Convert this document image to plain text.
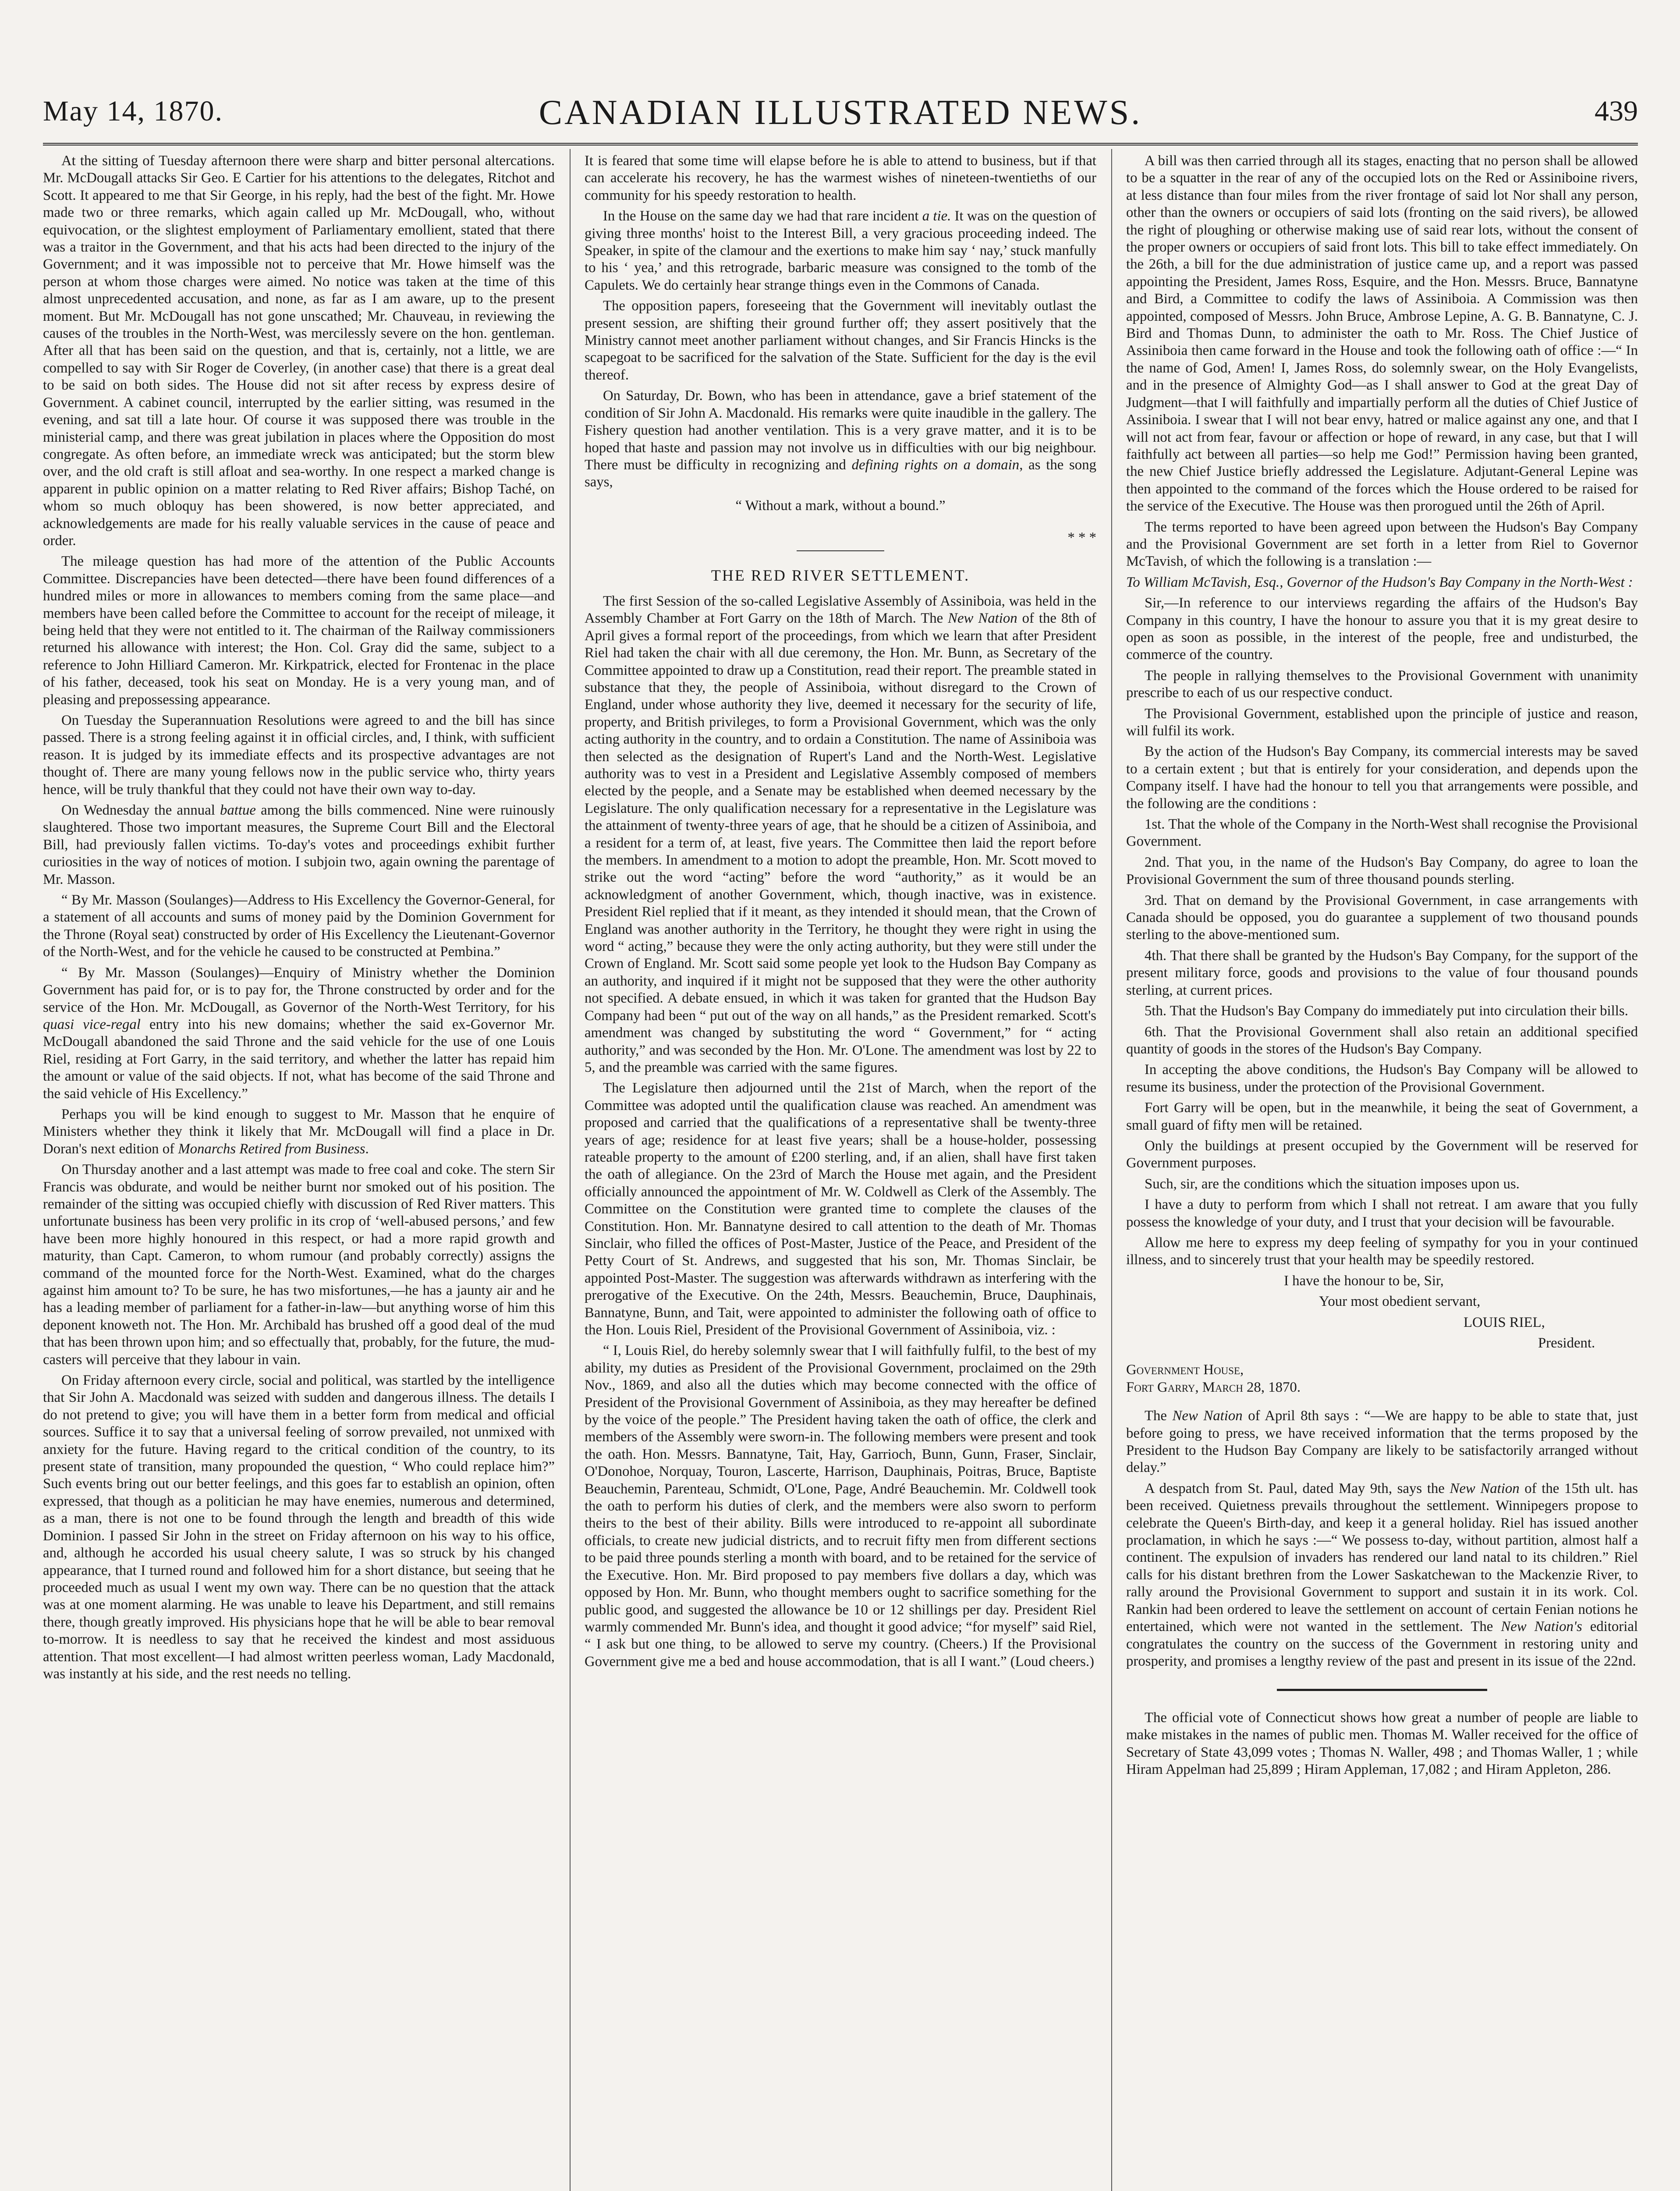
May 14, 1870.	CANADIAN ILLUSTRATED NEWS.	439

At the sitting of Tuesday afternoon there were sharp and bitter personal altercations. Mr. McDougall attacks Sir Geo. E Cartier for his attentions to the delegates, Ritchot and Scott. It appeared to me that Sir George, in his reply, had the best of the fight. Mr. Howe made two or three remarks, which again called up Mr. McDougall, who, without equivocation, or the slightest employment of Parliamentary emollient, stated that there was a traitor in the Government, and that his acts had been directed to the injury of the Government; and it was impossible not to perceive that Mr. Howe himself was the person at whom those charges were aimed. No notice was taken at the time of this almost unprecedented accusation, and none, as far as I am aware, up to the present moment. But Mr. McDougall has not gone unscathed; Mr. Chauveau, in reviewing the causes of the troubles in the North-West, was mercilessly severe on the hon. gentleman. After all that has been said on the question, and that is, certainly, not a little, we are compelled to say with Sir Roger de Coverley, (in another case) that there is a great deal to be said on both sides. The House did not sit after recess by express desire of Government. A cabinet council, interrupted by the earlier sitting, was resumed in the evening, and sat till a late hour. Of course it was supposed there was trouble in the ministerial camp, and there was great jubilation in places where the Opposition do most congregate. As often before, an immediate wreck was anticipated; but the storm blew over, and the old craft is still afloat and sea-worthy. In one respect a marked change is apparent in public opinion on a matter relating to Red River affairs; Bishop Taché, on whom so much obloquy has been showered, is now better appreciated, and acknowledgements are made for his really valuable services in the cause of peace and order.

The mileage question has had more of the attention of the Public Accounts Committee. Discrepancies have been detected—there have been found differences of a hundred miles or more in allowances to members coming from the same place—and members have been called before the Committee to account for the receipt of mileage, it being held that they were not entitled to it. The chairman of the Railway commissioners returned his allowance with interest; the Hon. Col. Gray did the same, subject to a reference to John Hilliard Cameron. Mr. Kirkpatrick, elected for Frontenac in the place of his father, deceased, took his seat on Monday. He is a very young man, and of pleasing and prepossessing appearance.

On Tuesday the Superannuation Resolutions were agreed to and the bill has since passed. There is a strong feeling against it in official circles, and, I think, with sufficient reason. It is judged by its immediate effects and its prospective advantages are not thought of. There are many young fellows now in the public service who, thirty years hence, will be truly thankful that they could not have their own way to-day.

On Wednesday the annual battue among the bills commenced. Nine were ruinously slaughtered. Those two important measures, the Supreme Court Bill and the Electoral Bill, had previously fallen victims. To-day's votes and proceedings exhibit further curiosities in the way of notices of motion. I subjoin two, again owning the parentage of Mr. Masson.

“ By Mr. Masson (Soulanges)—Address to His Excellency the Governor-General, for a statement of all accounts and sums of money paid by the Dominion Government for the Throne (Royal seat) constructed by order of His Excellency the Lieutenant-Governor of the North-West, and for the vehicle he caused to be constructed at Pembina.”

“ By Mr. Masson (Soulanges)—Enquiry of Ministry whether the Dominion Government has paid for, or is to pay for, the Throne constructed by order and for the service of the Hon. Mr. McDougall, as Governor of the North-West Territory, for his quasi vice-regal entry into his new domains; whether the said ex-Governor Mr. McDougall abandoned the said Throne and the said vehicle for the use of one Louis Riel, residing at Fort Garry, in the said territory, and whether the latter has repaid him the amount or value of the said objects. If not, what has become of the said Throne and the said vehicle of His Excellency.”

Perhaps you will be kind enough to suggest to Mr. Masson that he enquire of Ministers whether they think it likely that Mr. McDougall will find a place in Dr. Doran's next edition of Monarchs Retired from Business.

On Thursday another and a last attempt was made to free coal and coke. The stern Sir Francis was obdurate, and would be neither burnt nor smoked out of his position. The remainder of the sitting was occupied chiefly with discussion of Red River matters. This unfortunate business has been very prolific in its crop of ‘well-abused persons,’ and few have been more highly honoured in this respect, or had a more rapid growth and maturity, than Capt. Cameron, to whom rumour (and probably correctly) assigns the command of the mounted force for the North-West. Examined, what do the charges against him amount to? To be sure, he has two misfortunes,—he has a jaunty air and he has a leading member of parliament for a father-in-law—but anything worse of him this deponent knoweth not. The Hon. Mr. Archibald has brushed off a good deal of the mud that has been thrown upon him; and so effectually that, probably, for the future, the mud-casters will perceive that they labour in vain.

On Friday afternoon every circle, social and political, was startled by the intelligence that Sir John A. Macdonald was seized with sudden and dangerous illness. The details I do not pretend to give; you will have them in a better form from medical and official sources. Suffice it to say that a universal feeling of sorrow prevailed, not unmixed with anxiety for the future. Having regard to the critical condition of the country, to its present state of transition, many propounded the question, “ Who could replace him?” Such events bring out our better feelings, and this goes far to establish an opinion, often expressed, that though as a politician he may have enemies, numerous and determined, as a man, there is not one to be found through the length and breadth of this wide Dominion. I passed Sir John in the street on Friday afternoon on his way to his office, and, although he accorded his usual cheery salute, I was so struck by his changed appearance, that I turned round and followed him for a short distance, but seeing that he proceeded much as usual I went my own way. There can be no question that the attack was at one moment alarming. He was unable to leave his Department, and still remains there, though greatly improved. His physicians hope that he will be able to bear removal to-morrow. It is needless to say that he received the kindest and most assiduous attention. That most excellent—I had almost written peerless woman, Lady Macdonald, was instantly at his side, and the rest needs no telling.

It is feared that some time will elapse before he is able to attend to business, but if that can accelerate his recovery, he has the warmest wishes of nineteen-twentieths of our community for his speedy restoration to health.

In the House on the same day we had that rare incident a tie. It was on the question of giving three months' hoist to the Interest Bill, a very gracious proceeding indeed. The Speaker, in spite of the clamour and the exertions to make him say ‘ nay,’ stuck manfully to his ‘ yea,’ and this retrograde, barbaric measure was consigned to the tomb of the Capulets. We do certainly hear strange things even in the Commons of Canada.

The opposition papers, foreseeing that the Government will inevitably outlast the present session, are shifting their ground further off; they assert positively that the Ministry cannot meet another parliament without changes, and Sir Francis Hincks is the scapegoat to be sacrificed for the salvation of the State. Sufficient for the day is the evil thereof.

On Saturday, Dr. Bown, who has been in attendance, gave a brief statement of the condition of Sir John A. Macdonald. His remarks were quite inaudible in the gallery. The Fishery question had another ventilation. This is a very grave matter, and it is to be hoped that haste and passion may not involve us in difficulties with our big neighbour. There must be difficulty in recognizing and defining rights on a domain, as the song says,

“ Without a mark, without a bound.”

* * *

THE RED RIVER SETTLEMENT.

The first Session of the so-called Legislative Assembly of Assiniboia, was held in the Assembly Chamber at Fort Garry on the 18th of March. The New Nation of the 8th of April gives a formal report of the proceedings, from which we learn that after President Riel had taken the chair with all due ceremony, the Hon. Mr. Bunn, as Secretary of the Committee appointed to draw up a Constitution, read their report. The preamble stated in substance that they, the people of Assiniboia, without disregard to the Crown of England, under whose authority they live, deemed it necessary for the security of life, property, and British privileges, to form a Provisional Government, which was the only acting authority in the country, and to ordain a Constitution. The name of Assiniboia was then selected as the designation of Rupert's Land and the North-West. Legislative authority was to vest in a President and Legislative Assembly composed of members elected by the people, and a Senate may be established when deemed necessary by the Legislature. The only qualification necessary for a representative in the Legislature was the attainment of twenty-three years of age, that he should be a citizen of Assiniboia, and a resident for a term of, at least, five years. The Committee then laid the report before the members. In amendment to a motion to adopt the preamble, Hon. Mr. Scott moved to strike out the word “acting” before the word “authority,” as it would be an acknowledgment of another Government, which, though inactive, was in existence. President Riel replied that if it meant, as they intended it should mean, that the Crown of England was another authority in the Territory, he thought they were right in using the word “ acting,” because they were the only acting authority, but they were still under the Crown of England. Mr. Scott said some people yet look to the Hudson Bay Company as an authority, and inquired if it might not be supposed that they were the other authority not specified. A debate ensued, in which it was taken for granted that the Hudson Bay Company had been “ put out of the way on all hands,” as the President remarked. Scott's amendment was changed by substituting the word “ Government,” for “ acting authority,” and was seconded by the Hon. Mr. O'Lone. The amendment was lost by 22 to 5, and the preamble was carried with the same figures.

The Legislature then adjourned until the 21st of March, when the report of the Committee was adopted until the qualification clause was reached. An amendment was proposed and carried that the qualifications of a representative shall be twenty-three years of age; residence for at least five years; shall be a house-holder, possessing rateable property to the amount of £200 sterling, and, if an alien, shall have first taken the oath of allegiance. On the 23rd of March the House met again, and the President officially announced the appointment of Mr. W. Coldwell as Clerk of the Assembly. The Committee on the Constitution were granted time to complete the clauses of the Constitution. Hon. Mr. Bannatyne desired to call attention to the death of Mr. Thomas Sinclair, who filled the offices of Post-Master, Justice of the Peace, and President of the Petty Court of St. Andrews, and suggested that his son, Mr. Thomas Sinclair, be appointed Post-Master. The suggestion was afterwards withdrawn as interfering with the prerogative of the Executive. On the 24th, Messrs. Beauchemin, Bruce, Dauphinais, Bannatyne, Bunn, and Tait, were appointed to administer the following oath of office to the Hon. Louis Riel, President of the Provisional Government of Assiniboia, viz. :

“ I, Louis Riel, do hereby solemnly swear that I will faithfully fulfil, to the best of my ability, my duties as President of the Provisional Government, proclaimed on the 29th Nov., 1869, and also all the duties which may become connected with the office of President of the Provisional Government of Assiniboia, as they may hereafter be defined by the voice of the people.” The President having taken the oath of office, the clerk and members of the Assembly were sworn-in. The following members were present and took the oath. Hon. Messrs. Bannatyne, Tait, Hay, Garrioch, Bunn, Gunn, Fraser, Sinclair, O'Donohoe, Norquay, Touron, Lascerte, Harrison, Dauphinais, Poitras, Bruce, Baptiste Beauchemin, Parenteau, Schmidt, O'Lone, Page, André Beauchemin. Mr. Coldwell took the oath to perform his duties of clerk, and the members were also sworn to perform theirs to the best of their ability. Bills were introduced to re-appoint all subordinate officials, to create new judicial districts, and to recruit fifty men from different sections to be paid three pounds sterling a month with board, and to be retained for the service of the Executive. Hon. Mr. Bird proposed to pay members five dollars a day, which was opposed by Hon. Mr. Bunn, who thought members ought to sacrifice something for the public good, and suggested the allowance be 10 or 12 shillings per day. President Riel warmly commended Mr. Bunn's idea, and thought it good advice; “for myself” said Riel, “ I ask but one thing, to be allowed to serve my country. (Cheers.) If the Provisional Government give me a bed and house accommodation, that is all I want.” (Loud cheers.)

A bill was then carried through all its stages, enacting that no person shall be allowed to be a squatter in the rear of any of the occupied lots on the Red or Assiniboine rivers, at less distance than four miles from the river frontage of said lot Nor shall any person, other than the owners or occupiers of said lots (fronting on the said rivers), be allowed the right of ploughing or otherwise making use of said rear lots, without the consent of the proper owners or occupiers of said front lots. This bill to take effect immediately. On the 26th, a bill for the due administration of justice came up, and a report was passed appointing the President, James Ross, Esquire, and the Hon. Messrs. Bruce, Bannatyne and Bird, a Committee to codify the laws of Assiniboia. A Commission was then appointed, composed of Messrs. John Bruce, Ambrose Lepine, A. G. B. Bannatyne, C. J. Bird and Thomas Dunn, to administer the oath to Mr. Ross. The Chief Justice of Assiniboia then came forward in the House and took the following oath of office :—“ In the name of God, Amen! I, James Ross, do solemnly swear, on the Holy Evangelists, and in the presence of Almighty God—as I shall answer to God at the great Day of Judgment—that I will faithfully and impartially perform all the duties of Chief Justice of Assiniboia. I swear that I will not bear envy, hatred or malice against any one, and that I will not act from fear, favour or affection or hope of reward, in any case, but that I will faithfully act between all parties—so help me God!” Permission having been granted, the new Chief Justice briefly addressed the Legislature. Adjutant-General Lepine was then appointed to the command of the forces which the House ordered to be raised for the service of the Executive. The House was then prorogued until the 26th of April.

The terms reported to have been agreed upon between the Hudson's Bay Company and the Provisional Government are set forth in a letter from Riel to Governor McTavish, of which the following is a translation :—

To William McTavish, Esq., Governor of the Hudson's Bay Company in the North-West :

Sir,—In reference to our interviews regarding the affairs of the Hudson's Bay Company in this country, I have the honour to assure you that it is my great desire to open as soon as possible, in the interest of the people, free and undisturbed, the commerce of the country.

The people in rallying themselves to the Provisional Government with unanimity prescribe to each of us our respective conduct.

The Provisional Government, established upon the principle of justice and reason, will fulfil its work.

By the action of the Hudson's Bay Company, its commercial interests may be saved to a certain extent ; but that is entirely for your consideration, and depends upon the Company itself. I have had the honour to tell you that arrangements were possible, and the following are the conditions :

1st. That the whole of the Company in the North-West shall recognise the Provisional Government.

2nd. That you, in the name of the Hudson's Bay Company, do agree to loan the Provisional Government the sum of three thousand pounds sterling.

3rd. That on demand by the Provisional Government, in case arrangements with Canada should be opposed, you do guarantee a supplement of two thousand pounds sterling to the above-mentioned sum.

4th. That there shall be granted by the Hudson's Bay Company, for the support of the present military force, goods and provisions to the value of four thousand pounds sterling, at current prices.

5th. That the Hudson's Bay Company do immediately put into circulation their bills.

6th. That the Provisional Government shall also retain an additional specified quantity of goods in the stores of the Hudson's Bay Company.

In accepting the above conditions, the Hudson's Bay Company will be allowed to resume its business, under the protection of the Provisional Government.

Fort Garry will be open, but in the meanwhile, it being the seat of Government, a small guard of fifty men will be retained.

Only the buildings at present occupied by the Government will be reserved for Government purposes.

Such, sir, are the conditions which the situation imposes upon us.

I have a duty to perform from which I shall not retreat. I am aware that you fully possess the knowledge of your duty, and I trust that your decision will be favourable.

Allow me here to express my deep feeling of sympathy for you in your continued illness, and to sincerely trust that your health may be speedily restored.

I have the honour to be, Sir,

Your most obedient servant,

LOUIS RIEL,

President.

Government House,
Fort Garry, March 28, 1870.

The New Nation of April 8th says : “—We are happy to be able to state that, just before going to press, we have received information that the terms proposed by the President to the Hudson Bay Company are likely to be satisfactorily arranged without delay.”

A despatch from St. Paul, dated May 9th, says the New Nation of the 15th ult. has been received. Quietness prevails throughout the settlement. Winnipegers propose to celebrate the Queen's Birth-day, and keep it a general holiday. Riel has issued another proclamation, in which he says :—“ We possess to-day, without partition, almost half a continent. The expulsion of invaders has rendered our land natal to its children.” Riel calls for his distant brethren from the Lower Saskatchewan to the Mackenzie River, to rally around the Provisional Government to support and sustain it in its work. Col. Rankin had been ordered to leave the settlement on account of certain Fenian notions he entertained, which were not wanted in the settlement. The New Nation's editorial congratulates the country on the success of the Government in restoring unity and prosperity, and promises a lengthy review of the past and present in its issue of the 22nd.

The official vote of Connecticut shows how great a number of people are liable to make mistakes in the names of public men. Thomas M. Waller received for the office of Secretary of State 43,099 votes ; Thomas N. Waller, 498 ; and Thomas Waller, 1 ; while Hiram Appelman had 25,899 ; Hiram Appleman, 17,082 ; and Hiram Appleton, 286.
